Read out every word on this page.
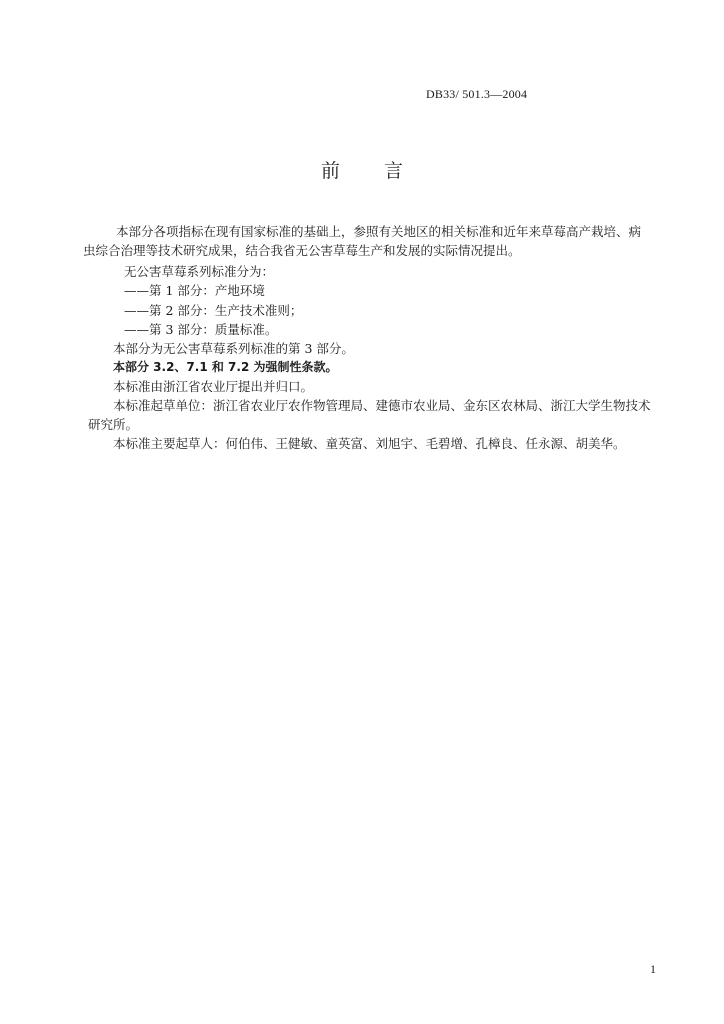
DB33/ 501.3—2004
前言
本部分各项指标在现有国家标准的基础上，参照有关地区的相关标准和近年来草莓高产栽培、病
虫综合治理等技术研究成果，结合我省无公害草莓生产和发展的实际情况提出。
无公害草莓系列标准分为：
——第 1 部分：产地环境
——第 2 部分：生产技术准则；
——第 3 部分：质量标准。
本部分为无公害草莓系列标准的第 3 部分。
本部分 3.2、7.1 和 7.2 为强制性条款。
本标准由浙江省农业厅提出并归口。
本标准起草单位：浙江省农业厅农作物管理局、建德市农业局、金东区农林局、浙江大学生物技术
研究所。
本标准主要起草人：何伯伟、王健敏、童英富、刘旭宇、毛碧增、孔樟良、任永源、胡美华。
1
